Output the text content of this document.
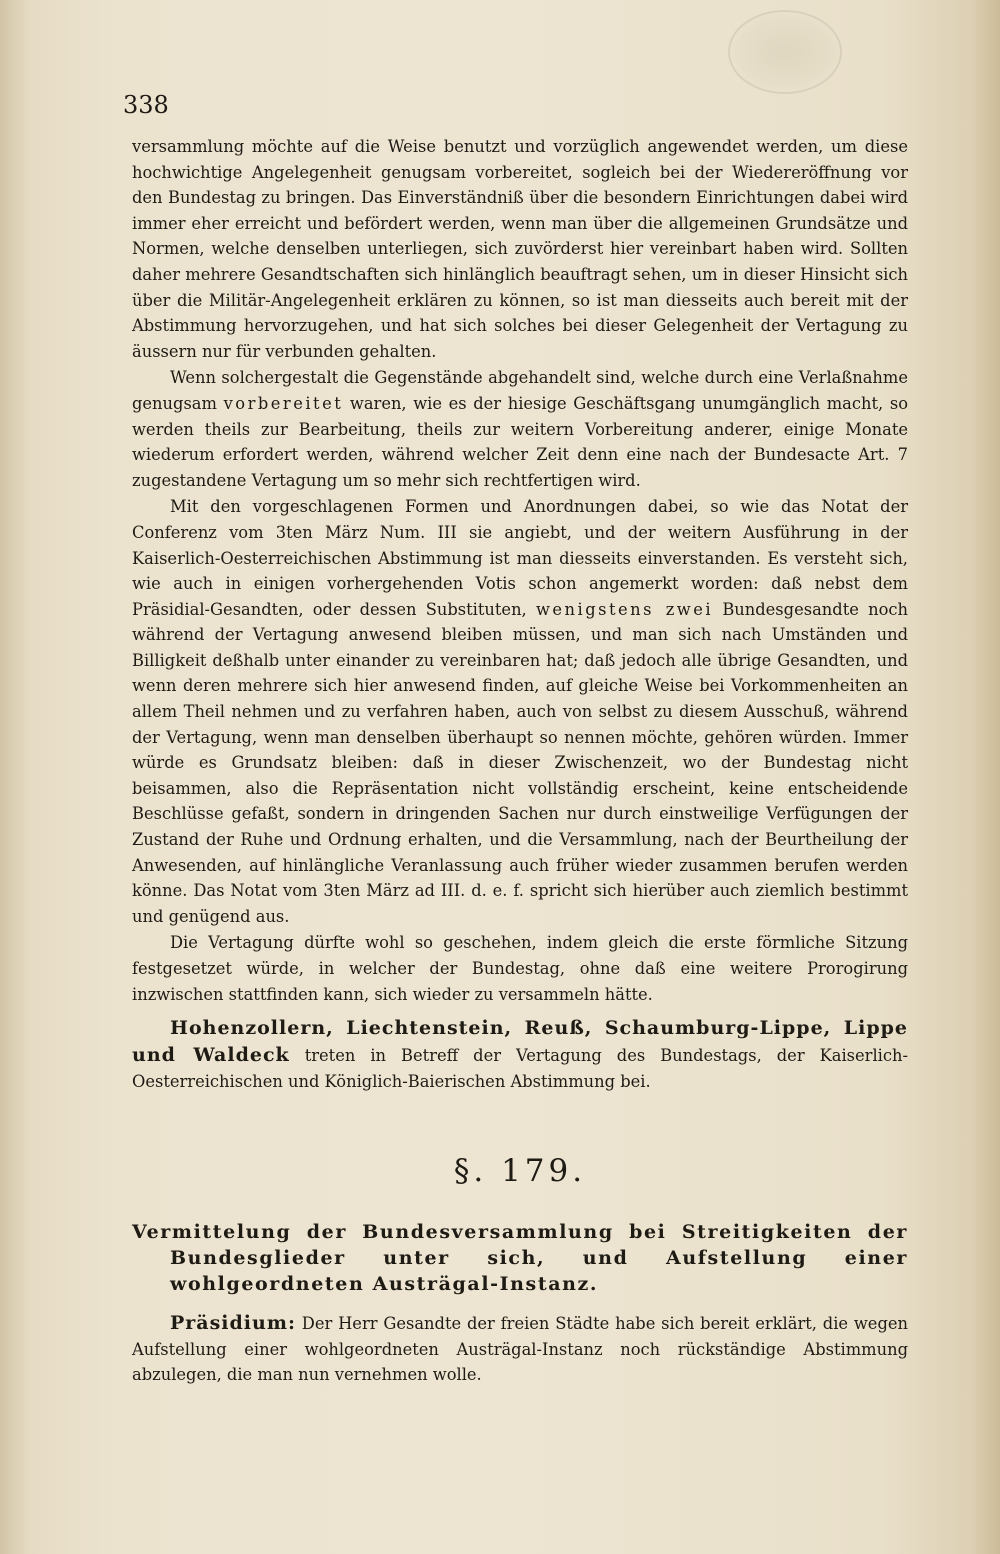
338

versammlung möchte auf die Weise benutzt und vorzüglich angewendet werden, um diese hochwichtige Angelegenheit genugsam vorbereitet, sogleich bei der Wiedereröffnung vor den Bundestag zu bringen. Das Einverständniß über die besondern Einrichtungen dabei wird immer eher erreicht und befördert werden, wenn man über die allgemeinen Grundsätze und Normen, welche denselben unterliegen, sich zuvörderst hier vereinbart haben wird. Sollten daher mehrere Gesandtschaften sich hinlänglich beauftragt sehen, um in dieser Hinsicht sich über die Militär-Angelegenheit erklären zu können, so ist man diesseits auch bereit mit der Abstimmung hervorzugehen, und hat sich solches bei dieser Gelegenheit der Vertagung zu äussern nur für verbunden gehalten.

Wenn solchergestalt die Gegenstände abgehandelt sind, welche durch eine Verlaßnahme genugsam vorbereitet waren, wie es der hiesige Geschäftsgang unumgänglich macht, so werden theils zur Bearbeitung, theils zur weitern Vorbereitung anderer, einige Monate wiederum erfordert werden, während welcher Zeit denn eine nach der Bundesacte Art. 7 zugestandene Vertagung um so mehr sich rechtfertigen wird.

Mit den vorgeschlagenen Formen und Anordnungen dabei, so wie das Notat der Conferenz vom 3ten März Num. III sie angiebt, und der weitern Ausführung in der Kaiserlich-Oesterreichischen Abstimmung ist man diesseits einverstanden. Es versteht sich, wie auch in einigen vorhergehenden Votis schon angemerkt worden: daß nebst dem Präsidial-Gesandten, oder dessen Substituten, wenigstens zwei Bundesgesandte noch während der Vertagung anwesend bleiben müssen, und man sich nach Umständen und Billigkeit deßhalb unter einander zu vereinbaren hat; daß jedoch alle übrige Gesandten, und wenn deren mehrere sich hier anwesend finden, auf gleiche Weise bei Vorkommenheiten an allem Theil nehmen und zu verfahren haben, auch von selbst zu diesem Ausschuß, während der Vertagung, wenn man denselben überhaupt so nennen möchte, gehören würden. Immer würde es Grundsatz bleiben: daß in dieser Zwischenzeit, wo der Bundestag nicht beisammen, also die Repräsentation nicht vollständig erscheint, keine entscheidende Beschlüsse gefaßt, sondern in dringenden Sachen nur durch einstweilige Verfügungen der Zustand der Ruhe und Ordnung erhalten, und die Versammlung, nach der Beurtheilung der Anwesenden, auf hinlängliche Veranlassung auch früher wieder zusammen berufen werden könne. Das Notat vom 3ten März ad III. d. e. f. spricht sich hierüber auch ziemlich bestimmt und genügend aus.

Die Vertagung dürfte wohl so geschehen, indem gleich die erste förmliche Sitzung festgesetzet würde, in welcher der Bundestag, ohne daß eine weitere Prorogirung inzwischen stattfinden kann, sich wieder zu versammeln hätte.

Hohenzollern, Liechtenstein, Reuß, Schaumburg-Lippe, Lippe und Waldeck treten in Betreff der Vertagung des Bundestags, der Kaiserlich-Oesterreichischen und Königlich-Baierischen Abstimmung bei.

§. 179.

Vermittelung der Bundesversammlung bei Streitigkeiten der Bundesglieder unter sich, und Aufstellung einer wohlgeordneten Austrägal-Instanz.

Präsidium: Der Herr Gesandte der freien Städte habe sich bereit erklärt, die wegen Aufstellung einer wohlgeordneten Austrägal-Instanz noch rückständige Abstimmung abzulegen, die man nun vernehmen wolle.
